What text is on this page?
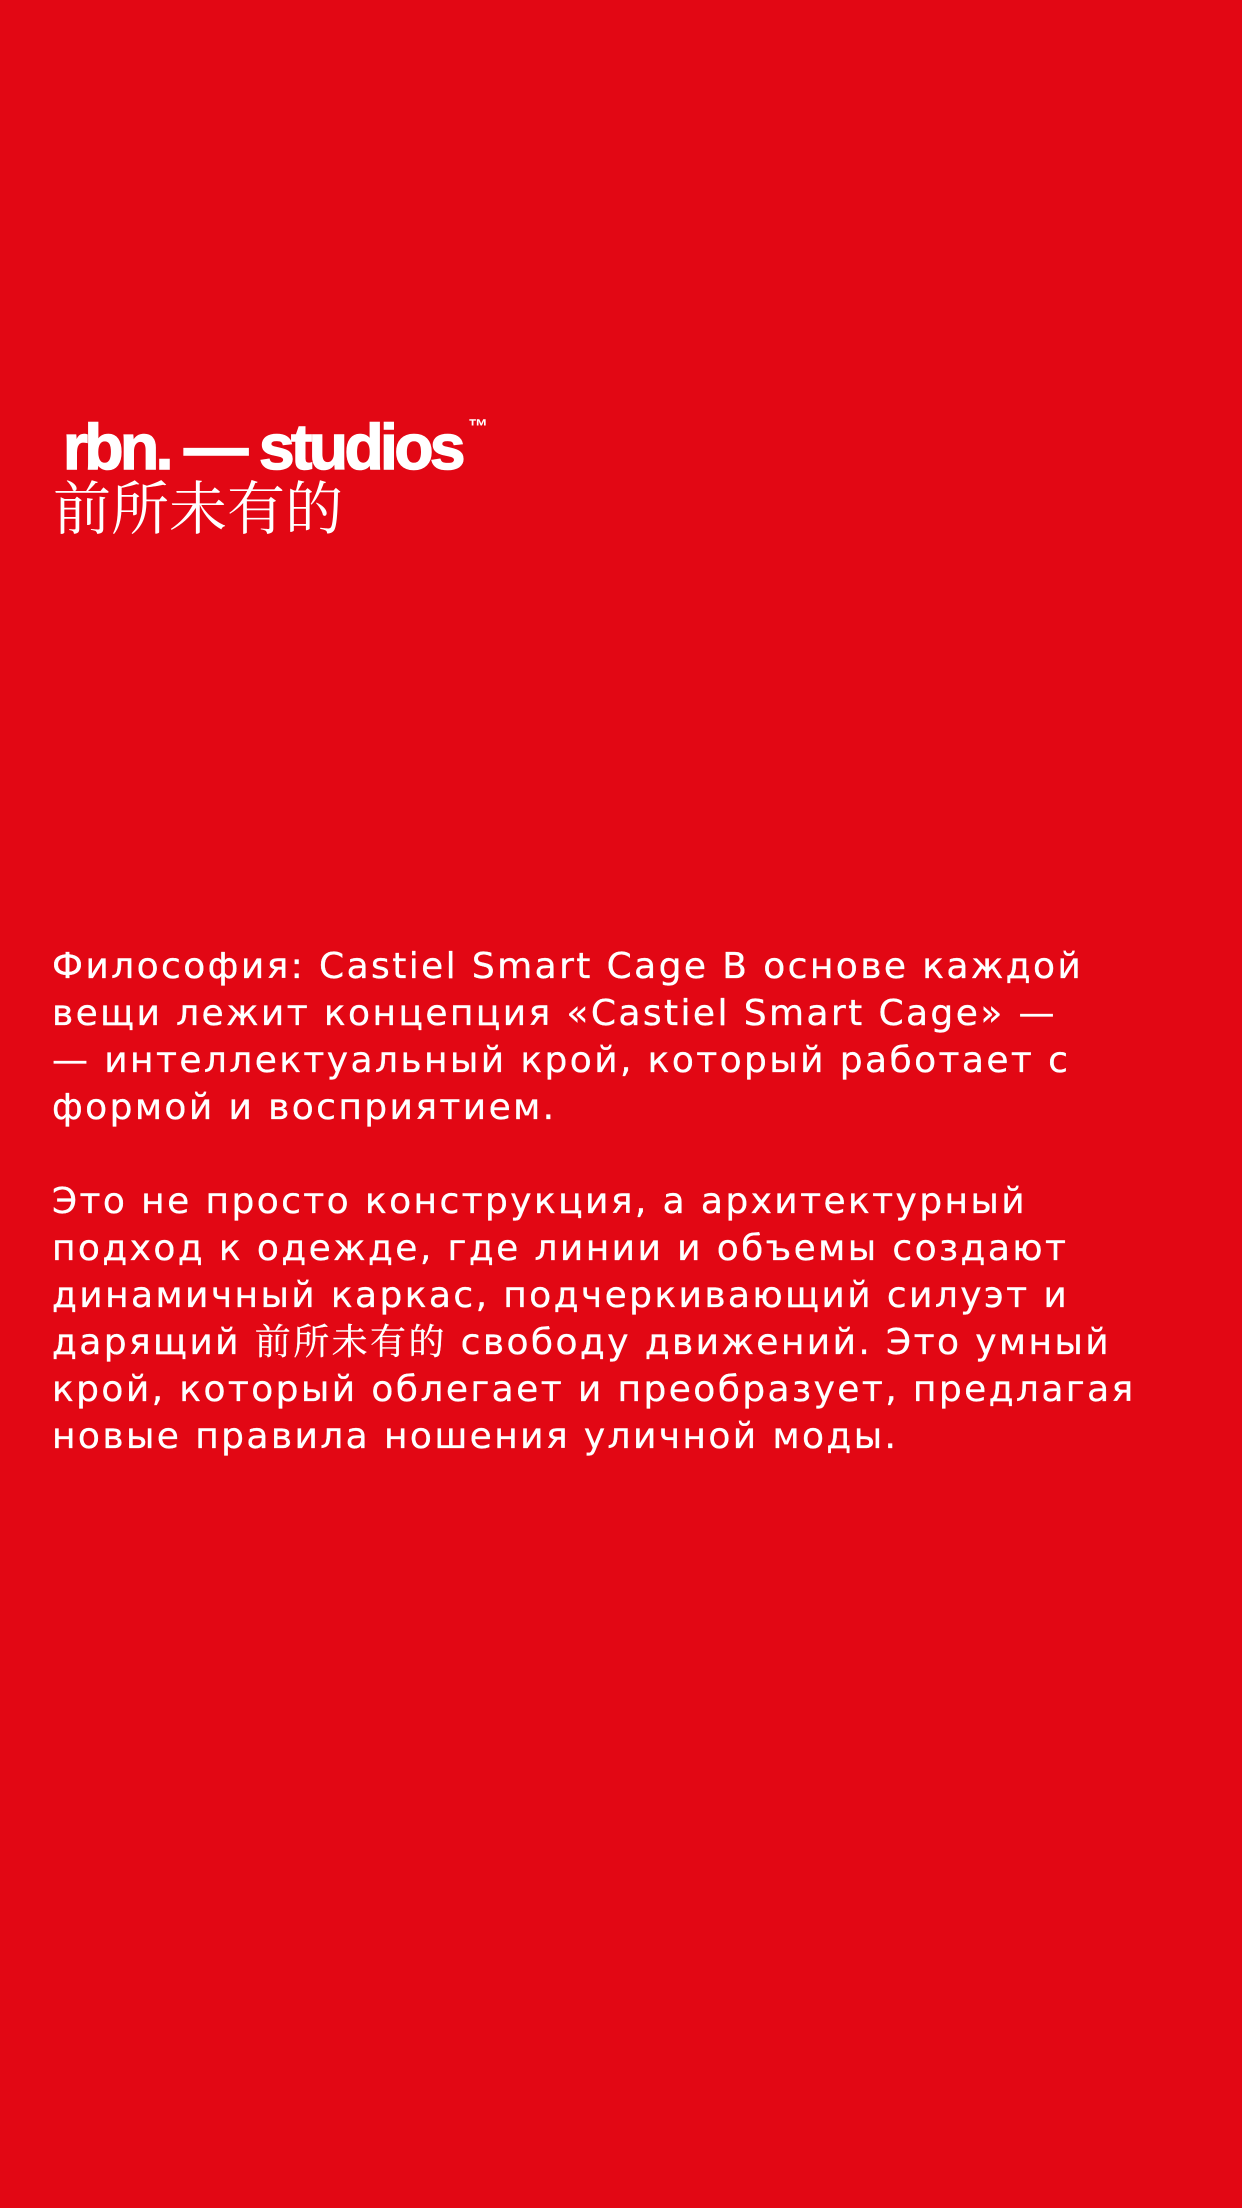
rbn. — studios ™
前所未有的

Философия: Castiel Smart Cage В основе каждой
вещи лежит концепция «Castiel Smart Cage» —
— интеллектуальный крой, который работает с
формой и восприятием.

Это не просто конструкция, а архитектурный
подход к одежде, где линии и объемы создают
динамичный каркас, подчеркивающий силуэт и
дарящий 前所未有的 свободу движений. Это умный
крой, который облегает и преобразует, предлагая
новые правила ношения уличной моды.
